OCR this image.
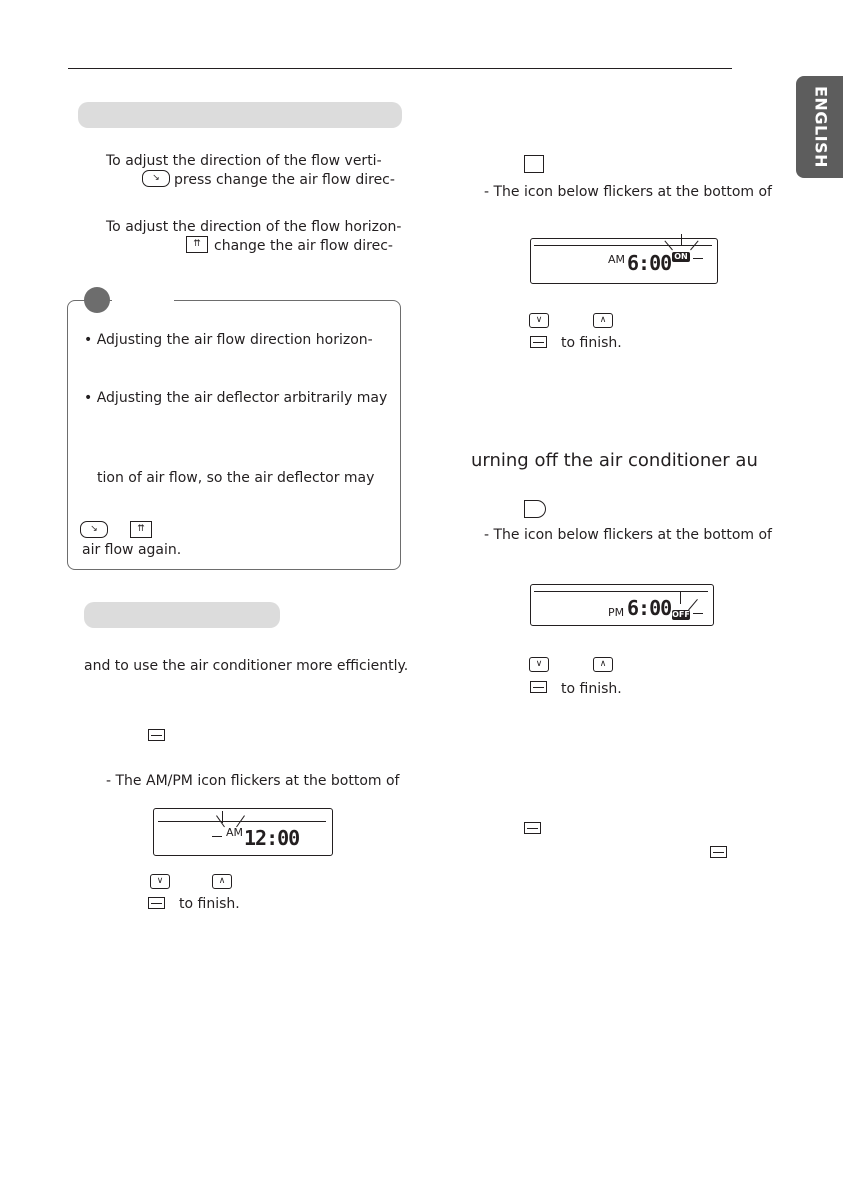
ENGLISH
To adjust the direction of the flow verti-
↘	press change the air flow direc-
To adjust the direction of the flow horizon-
⇈ change the air flow direc-
• Adjusting the air flow direction horizon-
• Adjusting the air deflector arbitrarily may
tion of air flow, so the air deflector may
↘	⇈
air flow again.
and to use the air conditioner more efficiently.
- The AM/PM icon flickers at the bottom of
AM 12:00
∨	∧
to finish.
- The icon below flickers at the bottom of
AM 6:00 ON
∨	∧
to finish.
urning off the air conditioner au
- The icon below flickers at the bottom of
PM 6:00 OFF
∨	∧
to finish.
